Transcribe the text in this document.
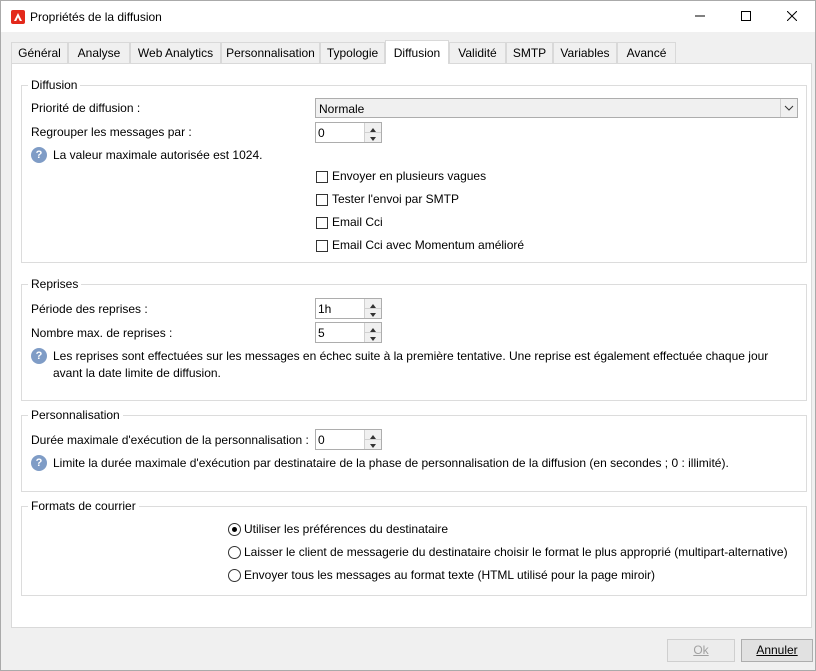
Propriétés de la diffusion
Général Analyse Web Analytics Personnalisation Typologie Diffusion Validité SMTP Variables Avancé
Diffusion
Priorité de diffusion :	Normale
Regrouper les messages par :	0
? La valeur maximale autorisée est 1024.
Envoyer en plusieurs vagues
Tester l'envoi par SMTP
Email Cci
Email Cci avec Momentum amélioré
Reprises
Période des reprises :	1h
Nombre max. de reprises :	5
? Les reprises sont effectuées sur les messages en échec suite à la première tentative. Une reprise est également effectuée chaque jour
avant la date limite de diffusion.
Personnalisation
Durée maximale d'exécution de la personnalisation : 0
? Limite la durée maximale d'exécution par destinataire de la phase de personnalisation de la diffusion (en secondes ; 0 : illimité).
Formats de courrier
Utiliser les préférences du destinataire
Laisser le client de messagerie du destinataire choisir le format le plus approprié (multipart-alternative)
Envoyer tous les messages au format texte (HTML utilisé pour la page miroir)
Ok	Annuler
